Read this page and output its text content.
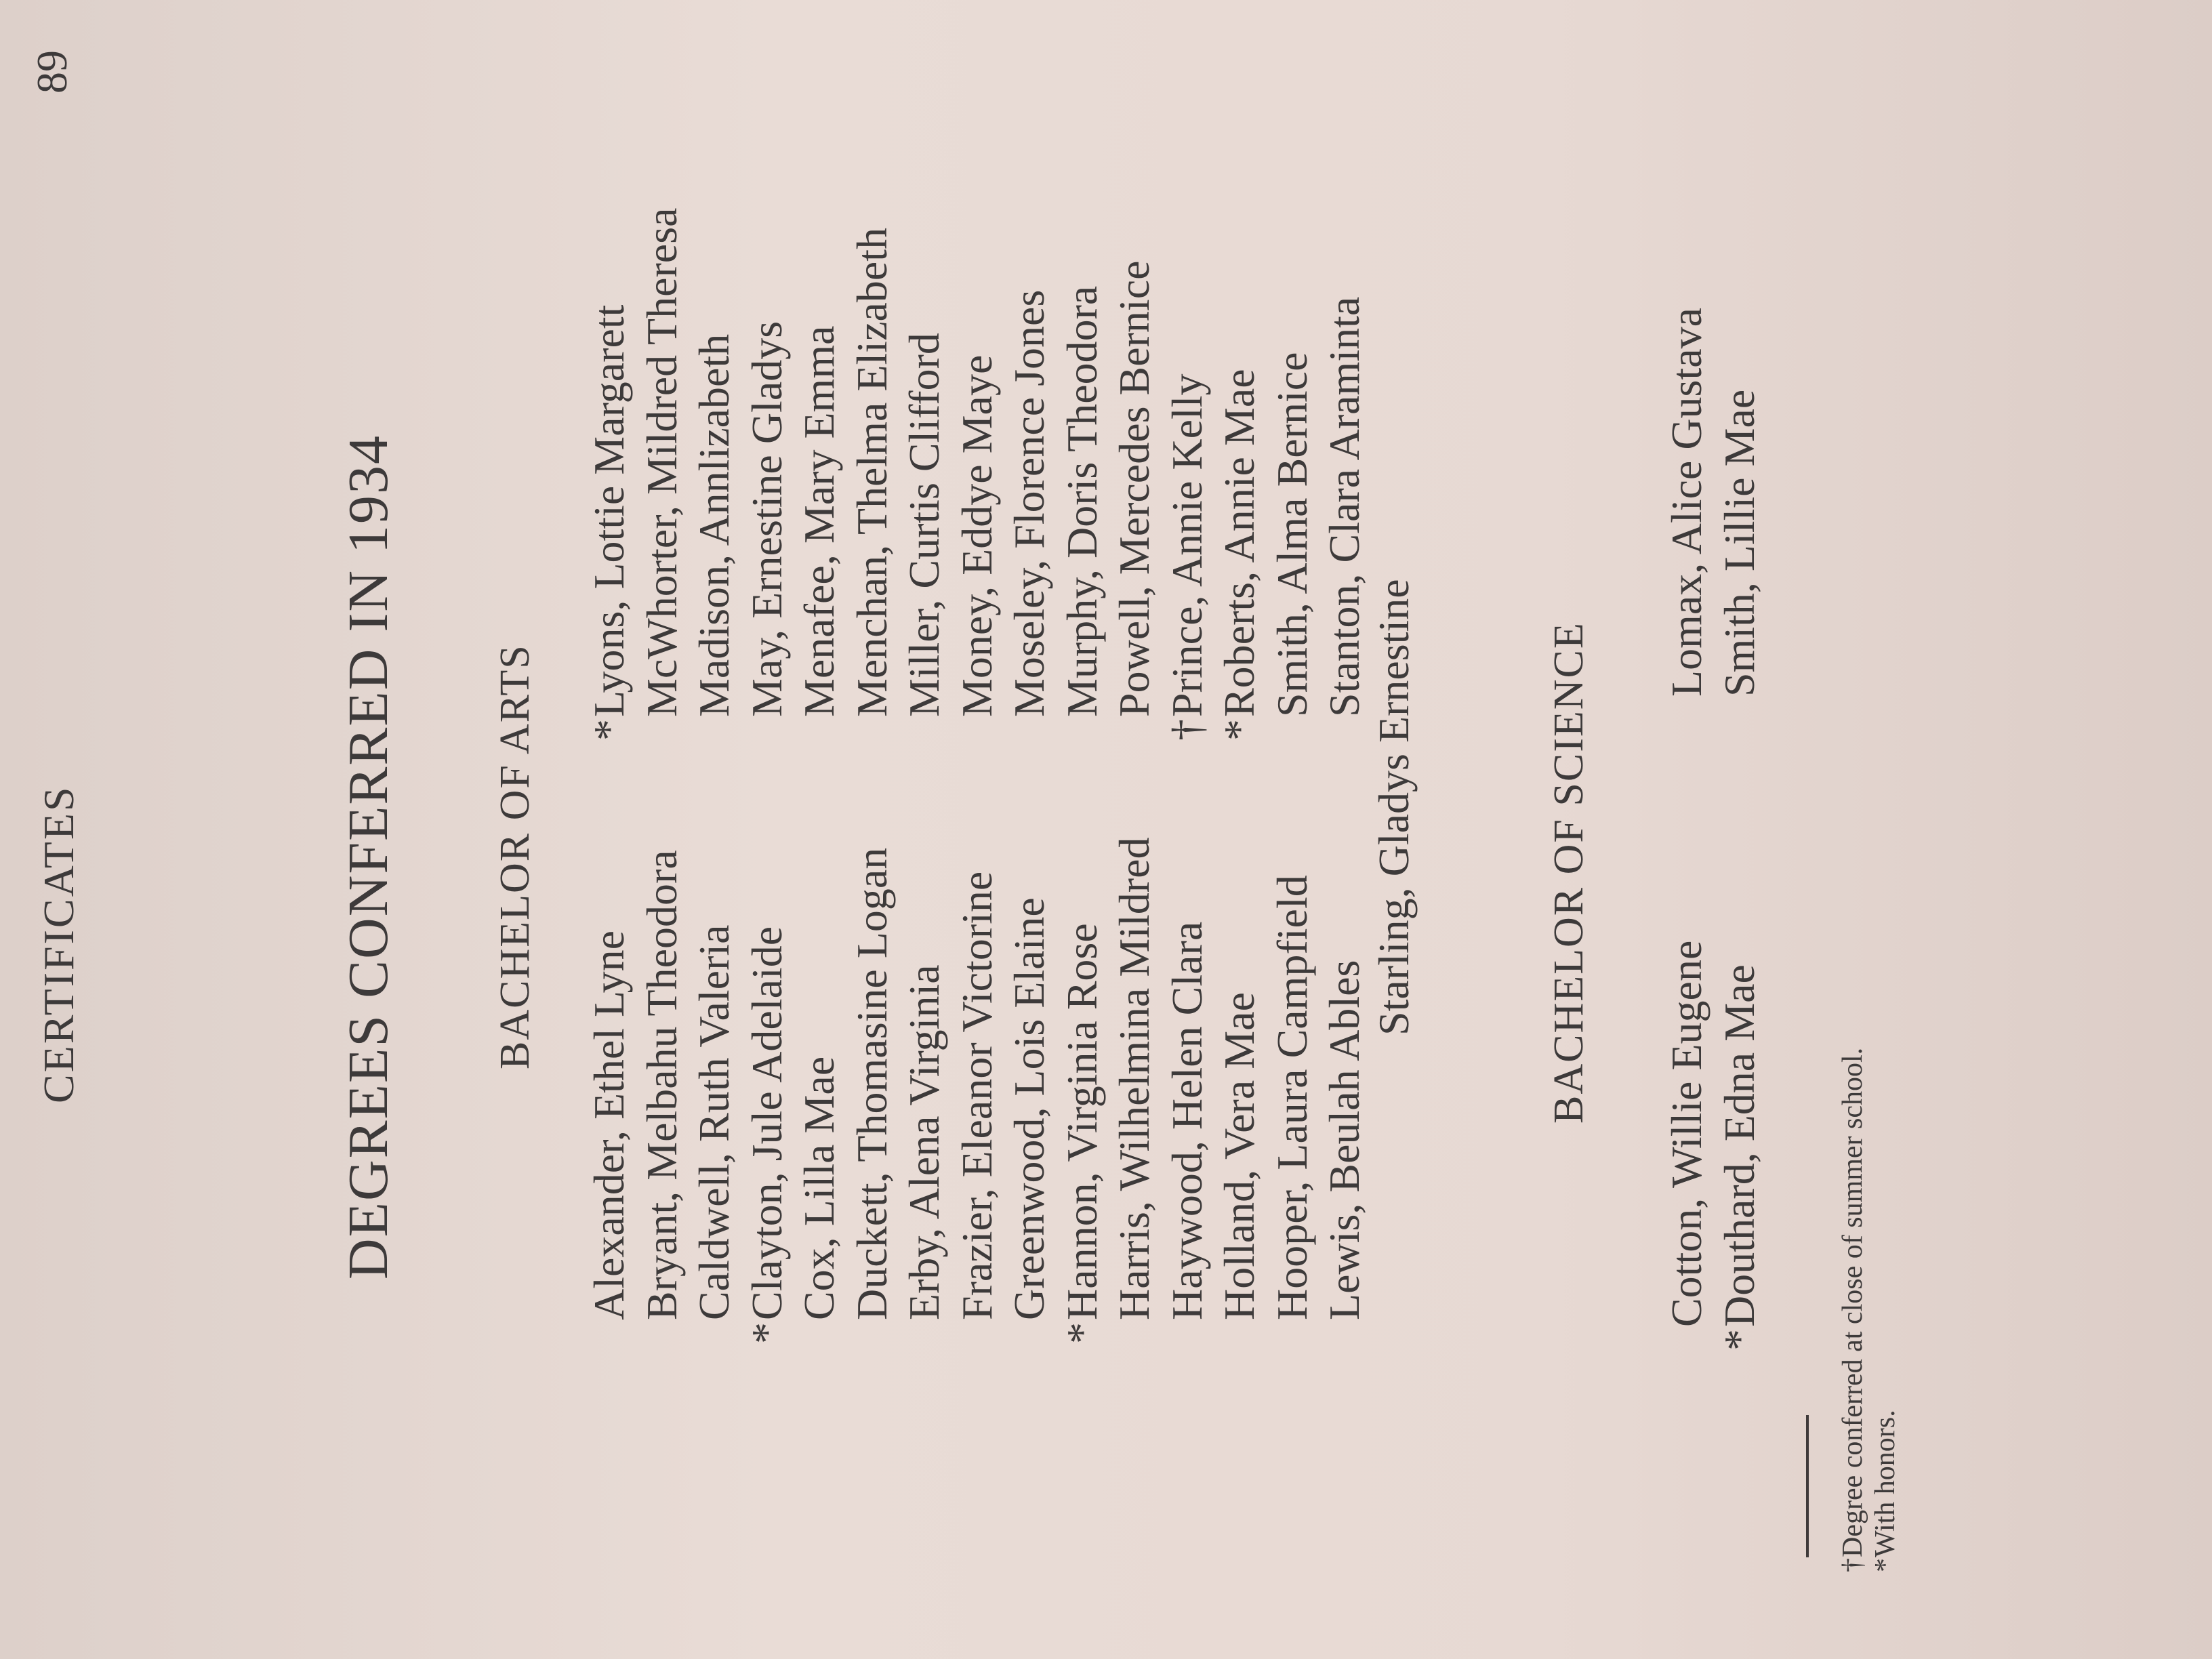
CERTIFICATES
89
DEGREES CONFERRED IN 1934 BACHELOR OF ARTS
Alexander, Ethel Lyne Bryant, Melbahu Theodora Caldwell, Ruth Valeria
*
Clayton, Jule Adelaide Cox, Lilla Mae Duckett, Thomasine Logan Erby, Alena Virginia Frazier, Eleanor Victorine Greenwood, Lois Elaine
*
Hannon, Virginia Rose Harris, Wilhelmina Mildred Haywood, Helen Clara Holland, Vera Mae Hooper, Laura Campfield Lewis, Beulah Ables
*
Lyons, Lottie Margarett McWhorter, Mildred Theresa Madison, Annlizabeth May, Ernestine Gladys Menafee, Mary Emma Menchan, Thelma Elizabeth Miller, Curtis Clifford Money, Eddye Maye Moseley, Florence Jones Murphy, Doris Theodora Powell, Mercedes Bernice
†
Prince, Annie Kelly
*
Roberts, Annie Mae Smith, Alma Bernice Stanton, Clara Araminta
Starling, Gladys Ernestine	BACHELOR OF SCIENCE
Cotton, Willie Eugene
*
Douthard, Edna Mae
Lomax, Alice Gustava Smith, Lillie Mae
†
Degree conferred at close of summer school.
*
With honors.
